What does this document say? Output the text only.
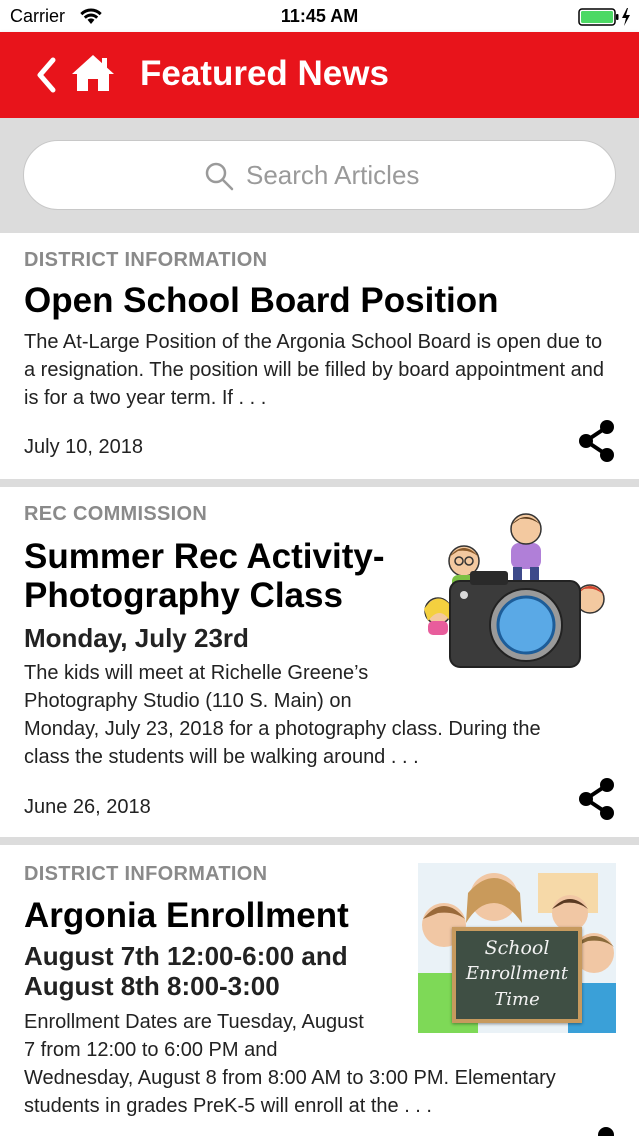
Carrier	11:45 AM
Featured News
Search Articles
DISTRICT INFORMATION
Open School Board Position
The At-Large Position of the Argonia School Board is open due to a resignation. The position will be filled by board appointment and is for a two year term. If . . .
July 10, 2018
REC COMMISSION
Summer Rec Activity-
Photography Class
Monday, July 23rd
The kids will meet at Richelle Greene’s
Photography Studio (110 S. Main) on
Monday, July 23, 2018 for a photography class. During the
class the students will be walking around . . .
June 26, 2018
DISTRICT INFORMATION
Argonia Enrollment
August 7th 12:00-6:00 and
August 8th 8:00-3:00
Enrollment Dates are Tuesday, August
7 from 12:00 to 6:00 PM and
Wednesday, August 8 from 8:00 AM to 3:00 PM. Elementary
students in grades PreK-5 will enroll at the . . .
School
Enrollment
Time
